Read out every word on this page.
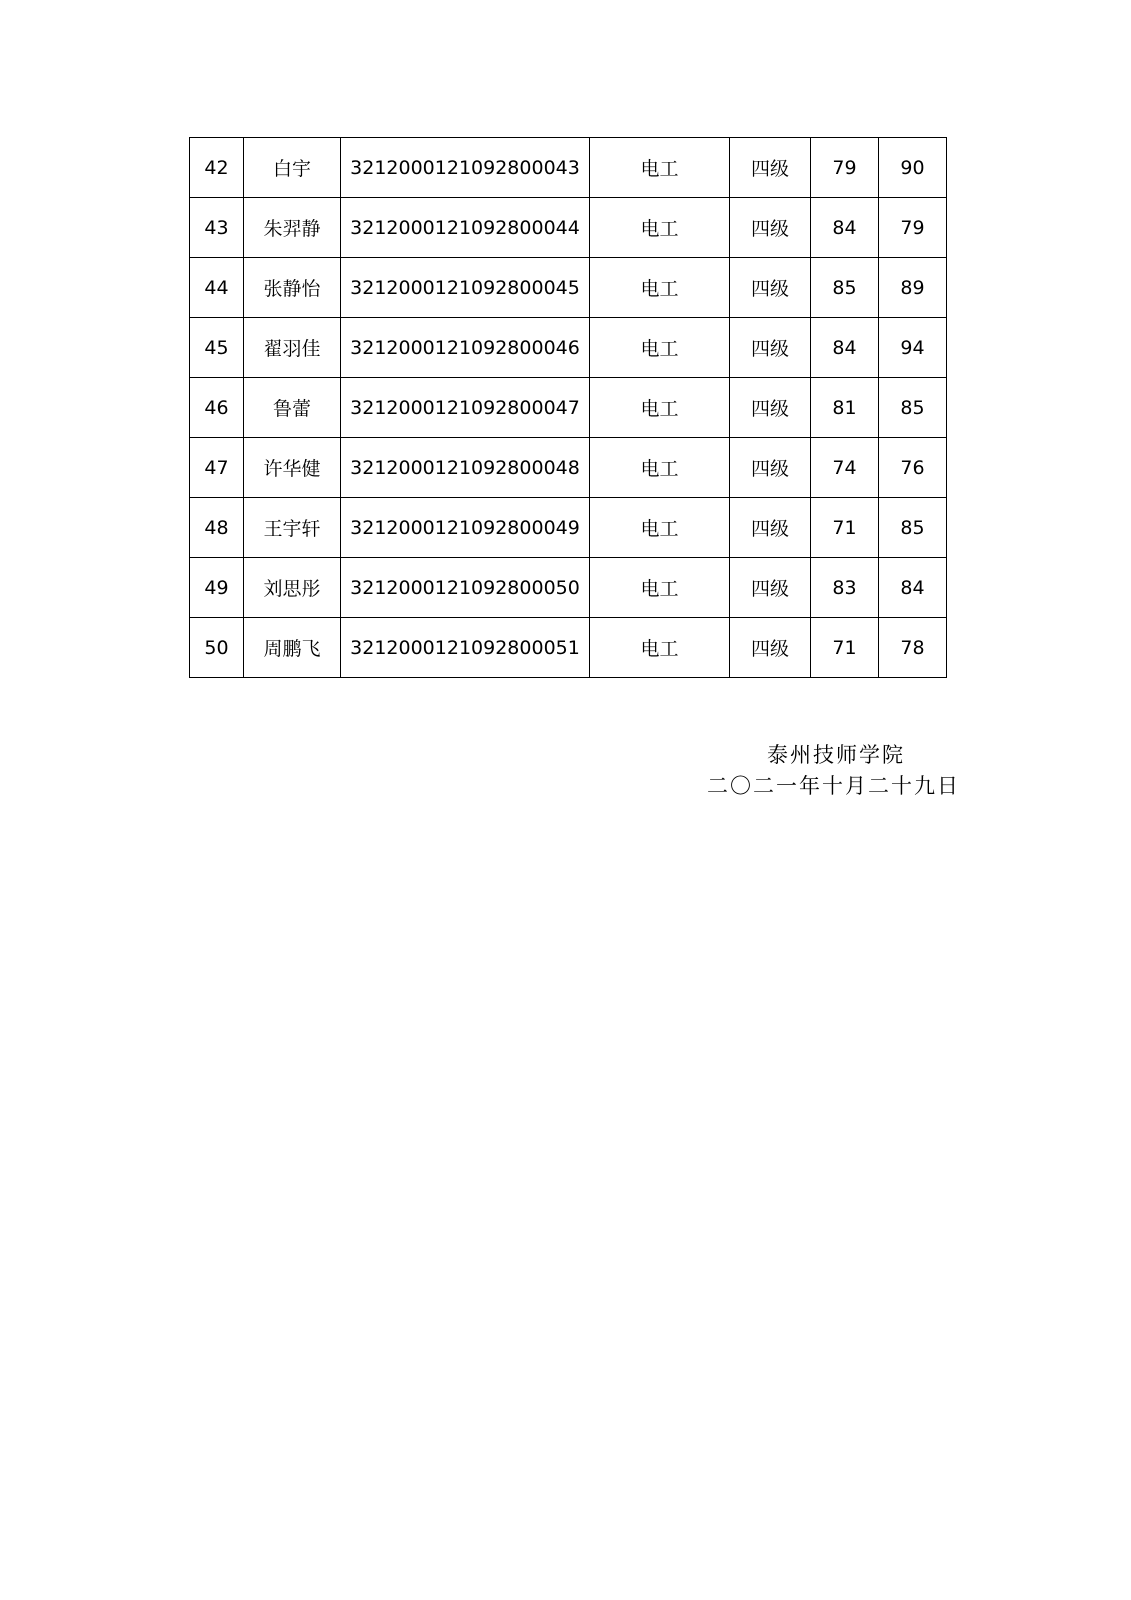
42	白宇	3212000121092800043	电工	四级	79	90
43	朱羿静	3212000121092800044	电工	四级	84	79
44	张静怡	3212000121092800045	电工	四级	85	89
45	翟羽佳	3212000121092800046	电工	四级	84	94
46	鲁蕾	3212000121092800047	电工	四级	81	85
47	许华健	3212000121092800048	电工	四级	74	76
48	王宇轩	3212000121092800049	电工	四级	71	85
49	刘思彤	3212000121092800050	电工	四级	83	84
50	周鹏飞	3212000121092800051	电工	四级	71	78
泰州技师学院
二〇二一年十月二十九日
